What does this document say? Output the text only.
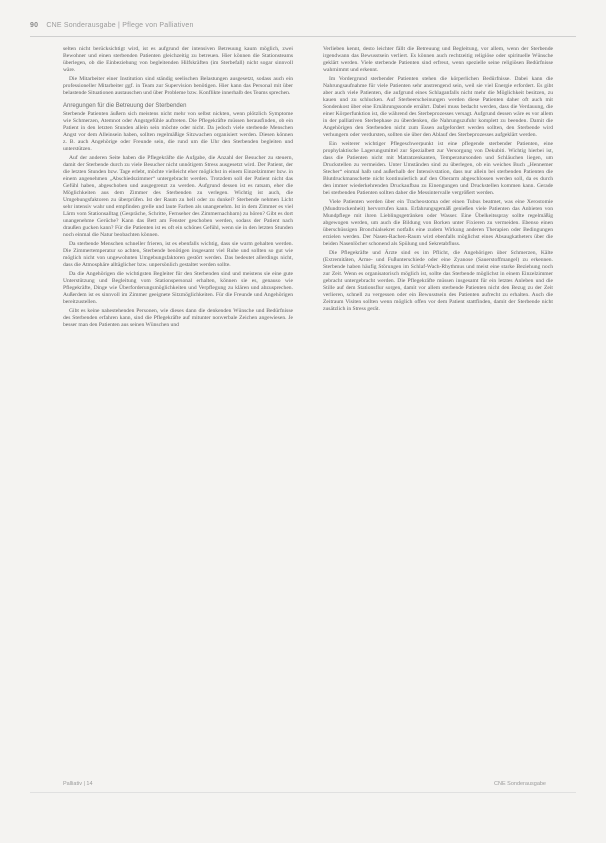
90 CNE Sonderausgabe | Pflege von Palliativen

selten nicht berücksichtigt wird, ist es aufgrund der intensiven Betreuung kaum möglich, zwei Bewohner und einen sterbenden Patienten gleichzeitig zu betreuen. Hier können die Stationsteams überlegen, ob die Einbeziehung von begleitenden Hilfskräften (im Sterbefall) nicht sogar sinnvoll wäre.

Die Mitarbeiter einer Institution sind ständig seelischen Belastungen ausgesetzt, sodass auch ein professioneller Mitarbeiter ggf. in Team zur Supervision benötigen. Hier kann das Personal mit über belastende Situationen austauschen und über Probleme bzw. Konflikte innerhalb des Teams sprechen.

Anregungen für die Betreuung der Sterbenden

Sterbende Patienten äußern sich meistens nicht mehr von selbst nickten, wenn plötzlich Symptome wie Schmerzen, Atemnot oder Angstgefühle auftreten. Die Pflegekräfte müssen herausfinden, ob ein Patient in den letzten Stunden allein sein möchte oder nicht. Da jedoch viele sterbende Menschen Angst vor dem Alleinsein haben, sollten regelmäßige Sitzwachen organisiert werden. Diesen können z. B. auch Angehörige oder Freunde sein, die rund um die Uhr den Sterbenden begleiten und unterstützen.

Auf der anderen Seite haben die Pflegekräfte die Aufgabe, die Anzahl der Besucher zu steuern, damit der Sterbende durch zu viele Besucher nicht unnötigem Stress ausgesetzt wird. Der Patient, der die letzten Stunden bzw. Tage erlebt, möchte vielleicht eher möglichst in einem Einzelzimmer bzw. in einem angenehmen „Abschiedszimmer“ untergebracht werden. Trotzdem soll der Patient nicht das Gefühl haben, abgeschoben und ausgegrenzt zu werden. Aufgrund dessen ist es ratsam, eher die Möglichkeiten aus dem Zimmer des Sterbenden zu verlegen. Wichtig ist auch, die Umgebungsfaktoren zu überprüfen. Ist der Raum zu hell oder zu dunkel? Sterbende nehmen Licht sehr intensiv wahr und empfinden grelle und laute Farben als unangenehm. Ist in dem Zimmer es viel Lärm vom Stationsalltag (Gespräche, Schritte, Fernseher des Zimmernachbarn) zu hören? Gibt es dort unangenehme Gerüche? Kann das Bett am Fenster geschoben werden, sodass der Patient nach draußen gucken kann? Für die Patienten ist es oft ein schönes Gefühl, wenn sie in den letzten Stunden noch einmal die Natur beobachten können.

Da sterbende Menschen schneller frieren, ist es ebenfalls wichtig, dass sie warm gehalten werden. Die Zimmertemperatur so achten, Sterbende benötigen insgesamt viel Ruhe und sollten so gut wie möglich nicht von ungewohnten Umgebungsfaktoren gestört werden. Das bedeutet allerdings nicht, dass die Atmosphäre alltäglicher bzw. unpersönlich gestaltet werden sollte.

Da die Angehörigen die wichtigsten Begleiter für den Sterbenden sind und meistens sie eine gute Unterstützung und Begleitung vom Stationspersonal erhalten, können sie es, genauso wie Pflegekräfte, Dinge wie Überforderungsmöglichkeiten und Verpflegung zu klären und abzusprechen. Außerdem ist es sinnvoll im Zimmer geeignete Sitzmöglichkeiten. Für die Freunde und Angehörigen bereitzustellen.

Gibt es keine nahestehenden Personen, wie dieses dann die denkenden Wünsche und Bedürfnisse des Sterbenden erfahren kann, sind die Pflegekräfte auf mitunter nonverbale Zeichen angewiesen. Je besser man den Patienten aus seinen Wünschen und

Verlieben kennt, desto leichter fällt die Betreuung und Begleitung, vor allem, wenn der Sterbende irgendwann das Bewusstsein verliert. Es können auch rechtzeitig religiöse oder spirituelle Wünsche geklärt werden. Viele sterbende Patienten sind erfreut, wenn spezielle seine religiösen Bedürfnisse wahrnimmt und erkennt.

Im Vordergrund sterbender Patienten stehen die körperlichen Bedürfnisse. Dabei kann die Nahrungsaufnahme für viele Patienten sehr anstrengend sein, weil sie viel Energie erfordert. Es gibt aber auch viele Patienten, die aufgrund eines Schlaganfalls nicht mehr die Möglichkeit besitzen, zu kauen und zu schlucken. Auf Sterbeerscheinungen werden diese Patienten daher oft auch mit Sondenkost über eine Ernährungssonde ernährt. Dabei muss bedacht werden, dass die Verdauung, die einer Körperfunktion ist, die während des Sterbeprozesses versagt. Aufgrund dessen wäre es vor allem in der palliativen Sterbephase zu überdenken, die Nahrungszufuhr komplett zu beenden. Damit die Angehörigen den Sterbenden nicht zum Essen aufgefordert werden sollten, den Sterbende wird verhungern oder verdursten, sollten sie über den Ablauf des Sterbeprozesses aufgeklärt werden.

Ein weiterer wichtiger Pflegeschwerpunkt ist eine pflegende sterbender Patienten, eine prophylaktische Lagerungsmittel zur Spezialbett zur Versorgung von Dekubiti. Wichtig hierbei ist, dass die Patienten nicht mit Matratzenkanten, Temperatursonden und Schläuchen liegen, um Druckstellen zu vermeiden. Unter Umständen sind zu überlegen, ob ein weiches Buch „Hennemer Stecher“ einmal halb und außerhalb der Intensivstation, dass nur allein bei sterbenden Patienten die Blutdruckmanschette nicht kontinuierlich auf den Oberarm abgeschlossen werden soll, da es durch den immer wiederkehrenden Druckaufbau zu Einengungen und Druckstellen kommen kann. Gerade bei sterbenden Patienten sollten daher die Messintervalle vergrößert werden.

Viele Patienten werden über ein Tracheostoma oder einen Tubus beatmet, was eine Xerostomie (Mundtrockenheit) hervorrufen kann. Erfahrungsgemäß genießen viele Patienten das Anbieten von Mundpflege mit ihren Lieblingsgetränken oder Wasser. Eine Übelkeitsspray sollte regelmäßig abgewogen werden, um auch die Bildung von Borken unter Fixieren zu vermeiden. Ebenso einen überschüssigen Bronchialsekret notfalls eine zudem Wirkung anderen Therapien oder Bedingungen erzielen werden. Der Nasen-Rachen-Raum wird ebenfalls möglichst eines Absaugkatheters über die beiden Nasenlöcher schonend als Spülung und Sekretabfluss.

Die Pflegekräfte und Ärzte sind es im Pflicht, die Angehörigen über Schmerzen, Kälte (Extremitäten, Arme- und Fußunterschiede oder eine Zyanose (Sauerstoffmangel) zu erkennen. Sterbende haben häufig Störungen im Schlaf-Wach-Rhythmus und meist eine starke Beziehung noch zur Zeit. Wenn es organisatorisch möglich ist, sollte das Sterbende möglichst in einem Einzelzimmer gebracht untergebracht werden. Die Pflegekräfte müssen insgesamt für ein letztes Anleben und die Stille auf dem Stationsflur sorgen, damit vor allem sterbende Patienten nicht den Bezug zu der Zeit verlieren, schnell zu vergessen oder ein Bewusstsein des Patienten aufrecht zu erhalten. Auch die Zeitraum Visiten sollten wenn möglich offen vor dem Patient stattfinden, damit der Sterbende nicht zusätzlich in Stress gerät.

Palliativ | 14	CNE Sonderausgabe
